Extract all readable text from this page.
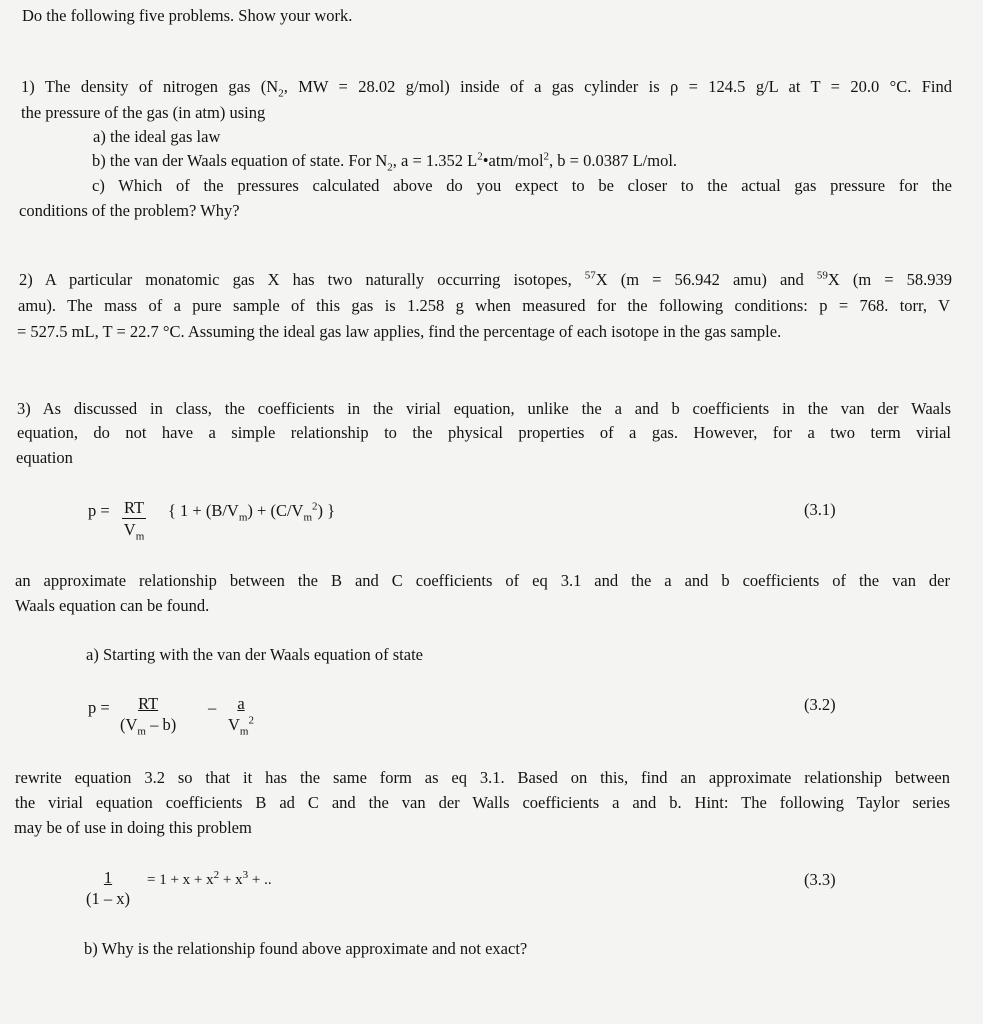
Do the following five problems. Show your work.
1) The density of nitrogen gas ($N_2$, MW = 28.02 g/mol) inside of a gas cylinder is ρ = 124.5 g/L at T = 20.0 °C. Find
the pressure of the gas (in atm) using
a) the ideal gas law
b) the van der Waals equation of state. For $N_2$, a = 1.352 $L^2•atm/mol^2$, b = 0.0387 L/mol.
c) Which of the pressures calculated above do you expect to be closer to the actual gas pressure for the
conditions of the problem? Why?
2) A particular monatomic gas X has two naturally occurring isotopes, $^{57}$X (m = 56.942 amu) and $^{59}$X (m = 58.939
amu). The mass of a pure sample of this gas is 1.258 g when measured for the following conditions: p = 768. torr, V
= 527.5 mL, T = 22.7 °C. Assuming the ideal gas law applies, find the percentage of each isotope in the gas sample.
3) As discussed in class, the coefficients in the virial equation, unlike the a and b coefficients in the van der Waals
equation, do not have a simple relationship to the physical properties of a gas. However, for a two term virial
equation
$p = \frac{RT}{V_m}$ { $1 + (B/V_m) + (C/V_m^2)$ }	(3.1)
an approximate relationship between the B and C coefficients of eq 3.1 and the a and b coefficients of the van der
Waals equation can be found.
a) Starting with the van der Waals equation of state
$p = \frac{RT}{(V_m - b)} - \frac{a}{V_m^2}$	(3.2)
rewrite equation 3.2 so that it has the same form as eq 3.1. Based on this, find an approximate relationship between
the virial equation coefficients B ad C and the van der Walls coefficients a and b. Hint: The following Taylor series
may be of use in doing this problem
$\frac{1}{(1 - x)} = 1 + x + x^2 + x^3$ + ..	(3.3)
b) Why is the relationship found above approximate and not exact?
